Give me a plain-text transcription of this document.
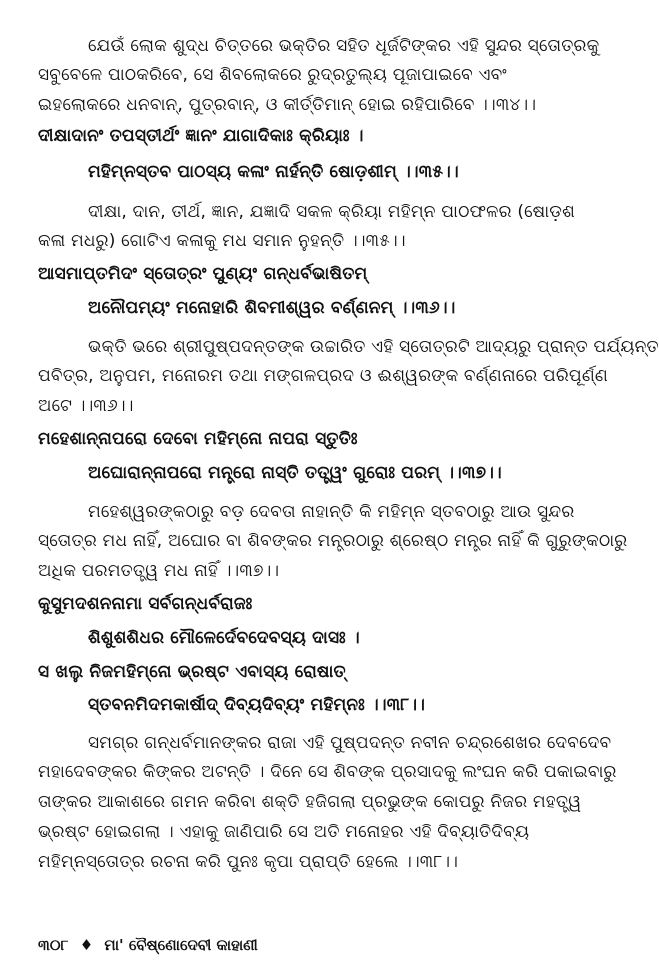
ଯେଉଁ ଲୋକ ଶୁଦ୍ଧ ଚିତ୍ତରେ ଭକ୍ତିର ସହିତ ଧୂର୍ଜଟିଙ୍କର ଏହି ସୁନ୍ଦର ସ୍ତୋତ୍ରକୁ
ସବୁବେଳେ ପାଠକରିବେ, ସେ ଶିବଲୋକରେ ରୁଦ୍ରତୁଲ୍ୟ ପୂଜାପାଇବେ ଏବଂ
ଇହଲୋକରେ ଧନବାନ୍, ପୁତ୍ରବାନ୍, ଓ କୀର୍ତ୍ତିମାନ୍ ହୋଇ ରହିପାରିବେ ।।୩୪।।
ଦୀକ୍ଷାଦାନଂ ତପସ୍ତୀର୍ଥଂ ଜ୍ଞାନଂ ଯାଗାଦିକାଃ କ୍ରିୟାଃ ।
ମହିମ୍ନସ୍ତବ ପାଠସ୍ୟ କଳାଂ ନାର୍ହନ୍ତି ଷୋଡ଼ଶୀମ୍ ।।୩୫।।
ଦୀକ୍ଷା, ଦାନ, ତୀର୍ଥ, ଜ୍ଞାନ, ଯଜ୍ଞାଦି ସକଳ କ୍ରିୟା ମହିମ୍ନ ପାଠଫଳର (ଷୋଡ଼ଶ
କଳା ମଧରୁ) ଗୋଟିଏ କଳାକୁ ମଧ ସମାନ ନୁହନ୍ତି ।।୩୫।।
ଆସମାପ୍ତମିଦଂ ସ୍ତୋତ୍ରଂ ପୁଣ୍ୟଂ ଗନ୍ଧର୍ବଭାଷିତମ୍
ଅନୌପମ୍ୟଂ ମନୋହାରି ଶିବମୀଶ୍ୱର ବର୍ଣ୍ଣନମ୍ ।।୩୬।।
ଭକ୍ତି ଭରେ ଶ୍ରୀପୁଷ୍ପଦନ୍ତଙ୍କ ଉଚ୍ଚାରିତ ଏହି ସ୍ତୋତ୍ରଟି ଆଦ୍ୟରୁ ପ୍ରାନ୍ତ ପର୍ଯ୍ୟନ୍ତ
ପବିତ୍ର, ଅନୁପମ, ମନୋରମ ତଥା ମଙ୍ଗଳପ୍ରଦ ଓ ଈଶ୍ୱରଙ୍କ ବର୍ଣ୍ଣନାରେ ପରିପୂର୍ଣ୍ଣ
ଅଟେ ।।୩୬।।
ମହେଶାନ୍ନାପରୋ ଦେବୋ ମହିମ୍ନୋ ନାପରା ସ୍ତୁତିଃ
ଅଘୋରାନ୍ନାପରୋ ମନ୍ତ୍ରୋ ନାସ୍ତି ତତ୍ତ୍ୱଂ ଗୁରୋଃ ପରମ୍ ।।୩୭।।
ମହେଶ୍ୱରଙ୍କଠାରୁ ବଡ଼ ଦେବତା ନାହାନ୍ତି କି ମହିମ୍ନ ସ୍ତବଠାରୁ ଆଉ ସୁନ୍ଦର
ସ୍ତୋତ୍ର ମଧ ନାହିଁ, ଅଘୋର ବା ଶିବଙ୍କର ମନ୍ତ୍ରଠାରୁ ଶ୍ରେଷ୍ଠ ମନ୍ତ୍ର ନାହିଁ କି ଗୁରୁଙ୍କଠାରୁ
ଅଧିକ ପରମତତ୍ତ୍ୱ ମଧ ନାହିଁ ।।୩୭।।
କୁସୁମଦଶନନାମା ସର୍ବଗନ୍ଧର୍ବରାଜଃ
ଶିଶୁଶଶିଧର ମୌଳେର୍ଦେବଦେବସ୍ୟ ଦାସଃ ।
ସ ଖଲୁ ନିଜମହିମ୍ନୋ ଭ୍ରଷ୍ଟ ଏବାସ୍ୟ ରୋଷାତ୍
ସ୍ତବନମିଦମକାର୍ଷୀଦ୍ ଦିବ୍ୟଦିବ୍ୟଂ ମହିମ୍ନଃ ।।୩୮।।
ସମଗ୍ର ଗନ୍ଧର୍ବମାନଙ୍କର ରାଜା ଏହି ପୁଷ୍ପଦନ୍ତ ନବୀନ ଚନ୍ଦ୍ରଶେଖର ଦେବଦେବ
ମହାଦେବଙ୍କର କିଙ୍କର ଅଟନ୍ତି । ଦିନେ ସେ ଶିବଙ୍କ ପ୍ରସାଦକୁ ଲଂଘନ କରି ପକାଇବାରୁ
ତାଙ୍କର ଆକାଶରେ ଗମନ କରିବା ଶକ୍ତି ହଜିଗଲା ପ୍ରଭୁଙ୍କ କୋପରୁ ନିଜର ମହତ୍ତ୍ୱ
ଭ୍ରଷ୍ଟ ହୋଇଗଲା । ଏହାକୁ ଜାଣିପାରି ସେ ଅତି ମନୋହର ଏହି ଦିବ୍ୟାତିଦିବ୍ୟ
ମହିମ୍ନସ୍ତୋତ୍ର ରଚନା କରି ପୁନଃ କୃପା ପ୍ରାପ୍ତି ହେଲେ ।।୩୮।।
୩୦୮ ♦ ମା' ବୈଷ୍ଣୋଦେବୀ କାହାଣୀ
